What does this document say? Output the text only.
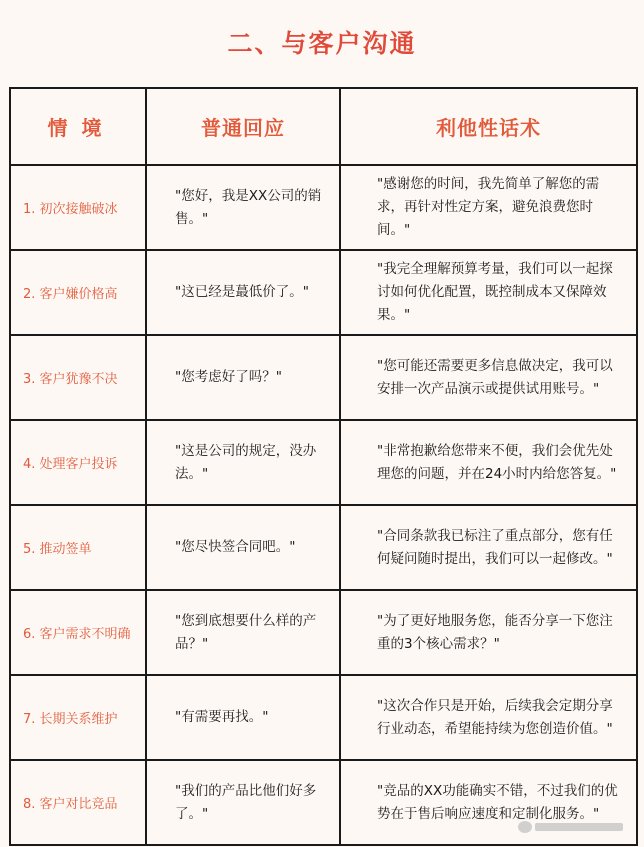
二、与客户沟通
情境	普通回应	利他性话术
1. 初次接触破冰	"您好，我是XX公司的销售。"	"感谢您的时间，我先简单了解您的需求，再针对性定方案，避免浪费您时间。"
2. 客户嫌价格高	"这已经是蕞低价了。"	"我完全理解预算考量，我们可以一起探讨如何优化配置，既控制成本又保障效果。"
3. 客户犹豫不决	"您考虑好了吗？"	"您可能还需要更多信息做决定，我可以安排一次产品演示或提供试用账号。"
4. 处理客户投诉	"这是公司的规定，没办法。"	"非常抱歉给您带来不便，我们会优先处理您的问题，并在24小时内给您答复。"
5. 推动签单	"您尽快签合同吧。"	"合同条款我已标注了重点部分，您有任何疑问随时提出，我们可以一起修改。"
6. 客户需求不明确	"您到底想要什么样的产品？"	"为了更好地服务您，能否分享一下您注重的3个核心需求？"
7. 长期关系维护	"有需要再找。"	"这次合作只是开始，后续我会定期分享行业动态，希望能持续为您创造价值。"
8. 客户对比竞品	"我们的产品比他们好多了。"	"竞品的XX功能确实不错，不过我们的优势在于售后响应速度和定制化服务。"
